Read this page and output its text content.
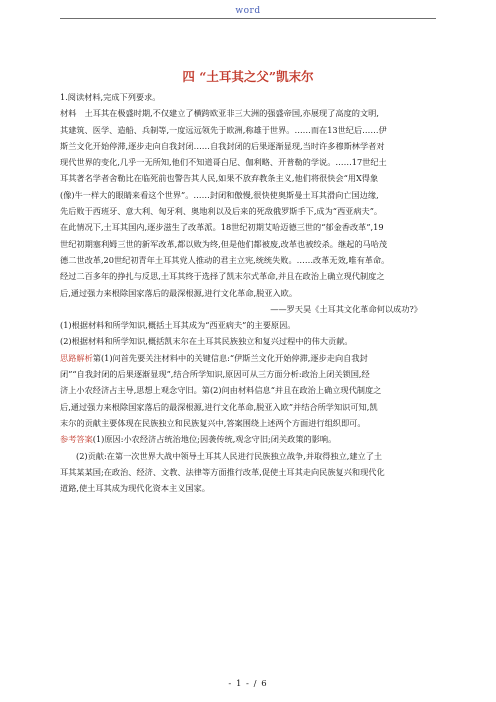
word
四 “土耳其之父”凯末尔
1.阅读材料,完成下列要求。
材料　土耳其在极盛时期,不仅建立了横跨欧亚非三大洲的强盛帝国,亦展现了高度的文明,
其建筑、医学、造船、兵制等,一度远远领先于欧洲,称雄于世界。……而在13世纪后……伊
斯兰文化开始停滞,逐步走向自我封闭……自我封闭的后果逐渐显现,当时许多穆斯林学者对
现代世界的变化,几乎一无所知,他们不知道哥白尼、伽利略、开普勒的学说。……17世纪土
耳其著名学者舍勒比在临死前也警告其人民,如果不放弃教条主义,他们将很快会“用X得象
(像)牛一样大的眼睛来看这个世界”。……封闭和傲慢,很快使奥斯曼土耳其滑向亡国边缘,
先后败于西班牙、意大利、匈牙利、奥地利以及后来的死敌俄罗斯手下,成为“西亚病夫”。
在此情况下,土耳其国内,逐步滋生了改革派。18世纪初期艾哈迈德三世的“郁金香改革”,19
世纪初期塞利姆三世的新军改革,都以败为终,但是他们都被废,改革也被绞杀。继起的马哈茂
德二世改革,20世纪初青年土耳其党人推动的君主立宪,统统失败。……改革无效,唯有革命。
经过二百多年的挣扎与反思,土耳其终于选择了凯末尔式革命,并且在政治上确立现代制度之
后,通过强力来根除国家落后的最深根源,进行文化革命,脱亚入欧。
——罗天昊《土耳其文化革命何以成功?》
(1)根据材料和所学知识,概括土耳其成为“西亚病夫”的主要原因。
(2)根据材料和所学知识,概括凯末尔在土耳其民族独立和复兴过程中的伟大贡献。
思路解析第(1)问首先要关注材料中的关键信息:“伊斯兰文化开始停滞,逐步走向自我封
闭”“自我封闭的后果逐渐显现”,结合所学知识,原因可从三方面分析:政治上闭关锁国,经
济上小农经济占主导,思想上观念守旧。第(2)问由材料信息“并且在政治上确立现代制度之
后,通过强力来根除国家落后的最深根源,进行文化革命,脱亚入欧”并结合所学知识可知,凯
末尔的贡献主要体现在民族独立和民族复兴中,答案围绕上述两个方面进行组织即可。
参考答案(1)原因:小农经济占统治地位;因袭传统,观念守旧;闭关政策的影响。
(2)贡献:在第一次世界大战中领导土耳其人民进行民族独立战争,并取得独立,建立了土
耳其某某国;在政治、经济、文教、法律等方面推行改革,促使土耳其走向民族复兴和现代化
道路,使土耳其成为现代化资本主义国家。
- 1 - / 6
